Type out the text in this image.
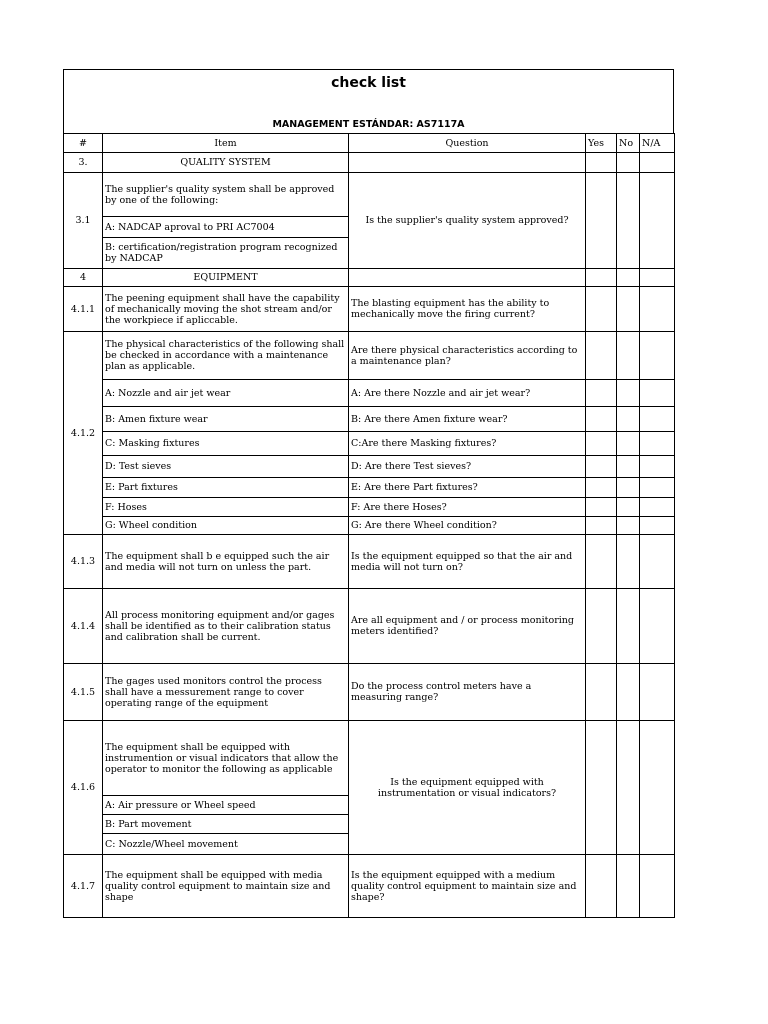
check list
MANAGEMENT ESTÁNDAR: AS7117A
#	Item	Question	Yes	No	N/A
3.	QUALITY SYSTEM				
3.1	The supplier's quality system shall be approved by one of the following:	Is the supplier's quality system approved?			
	A: NADCAP aproval to PRI AC7004				
	B: certification/registration program recognized by NADCAP				
4	EQUIPMENT				
4.1.1	The peening equipment shall have the capability of mechanically moving the shot stream and/or the workpiece if apliccable.	The blasting equipment has the ability to mechanically move the firing current?			
4.1.2	The physical characteristics of the following shall be checked in accordance with a maintenance plan as applicable.	Are there physical characteristics according to a maintenance plan?			
	A: Nozzle and air jet wear	A: Are there Nozzle and air jet wear?			
	B: Amen fixture wear	B: Are there Amen fixture wear?			
	C: Masking fixtures	C:Are there Masking fixtures?			
	D: Test sieves	D: Are there Test sieves?			
	E: Part fixtures	E: Are there Part fixtures?			
	F: Hoses	F: Are there Hoses?			
	G: Wheel condition	G: Are there Wheel condition?			
4.1.3	The equipment shall b e equipped such the air and media will not turn on unless the part.	Is the equipment equipped so that the air and media will not turn on?			
4.1.4	All process monitoring equipment and/or gages shall be identified as to their calibration status and calibration shall be current.	Are all equipment and / or process monitoring meters identified?			
4.1.5	The gages used monitors control the process shall have a messurement range to cover operating range of the equipment	Do the process control meters have a measuring range?			
4.1.6	The equipment shall be equipped with instrumention or visual indicators that allow the operator to monitor the following as applicable	Is the equipment equipped with instrumentation or visual indicators?			
	A: Air pressure or Wheel speed				
	B: Part movement				
	C: Nozzle/Wheel movement				
4.1.7	The equipment shall be equipped with media quality control equipment to maintain size and shape	Is the equipment equipped with a medium quality control equipment to maintain size and shape?			
